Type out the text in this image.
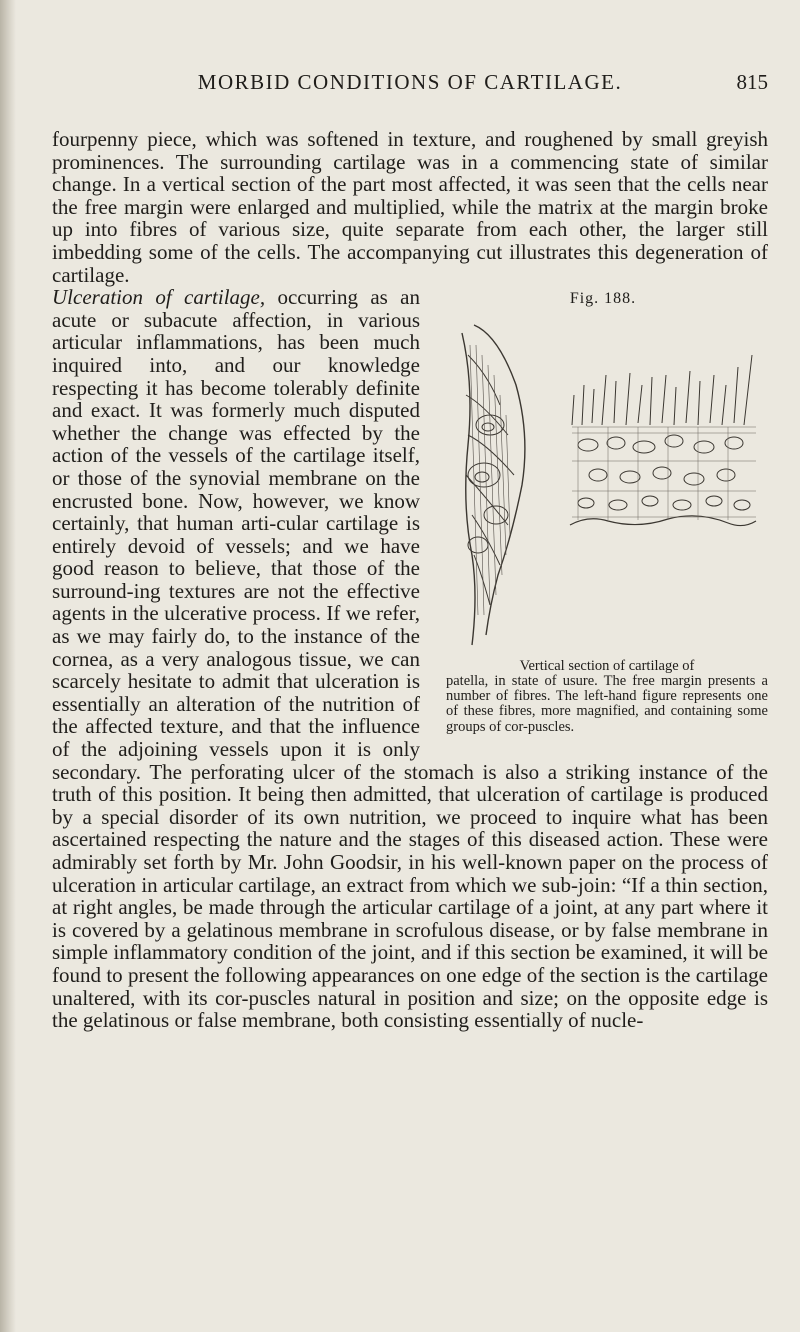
MORBID CONDITIONS OF CARTILAGE.	815

fourpenny piece, which was softened in texture, and roughened by small greyish prominences. The surrounding cartilage was in a commencing state of similar change. In a vertical section of the part most affected, it was seen that the cells near the free margin were enlarged and multiplied, while the matrix at the margin broke up into fibres of various size, quite separate from each other, the larger still imbedding some of the cells. The accompanying cut illustrates this degeneration of cartilage.

Fig. 188.
Vertical section of cartilage of
patella, in state of usure. The free margin presents a number of fibres. The left-hand figure represents one of these fibres, more magnified, and containing some groups of cor-puscles.

Ulceration of cartilage, occurring as an acute or subacute affection, in various articular inflammations, has been much inquired into, and our knowledge respecting it has become tolerably definite and exact. It was formerly much disputed whether the change was effected by the action of the vessels of the cartilage itself, or those of the synovial membrane on the encrusted bone. Now, however, we know certainly, that human arti-cular cartilage is entirely devoid of vessels; and we have good reason to believe, that those of the surround-ing textures are not the effective agents in the ulcerative process. If we refer, as we may fairly do, to the instance of the cornea, as a very analogous tissue, we can scarcely hesitate to admit that ulceration is essentially an alteration of the nutrition of the affected texture, and that the influence of the adjoining vessels upon it is only secondary. The perforating ulcer of the stomach is also a striking instance of the truth of this position. It being then admitted, that ulceration of cartilage is produced by a special disorder of its own nutrition, we proceed to inquire what has been ascertained respecting the nature and the stages of this diseased action. These were admirably set forth by Mr. John Goodsir, in his well-known paper on the process of ulceration in articular cartilage, an extract from which we sub-join: “If a thin section, at right angles, be made through the articular cartilage of a joint, at any part where it is covered by a gelatinous membrane in scrofulous disease, or by false membrane in simple inflammatory condition of the joint, and if this section be examined, it will be found to present the following appearances on one edge of the section is the cartilage unaltered, with its cor-puscles natural in position and size; on the opposite edge is the gelatinous or false membrane, both consisting essentially of nucle-
